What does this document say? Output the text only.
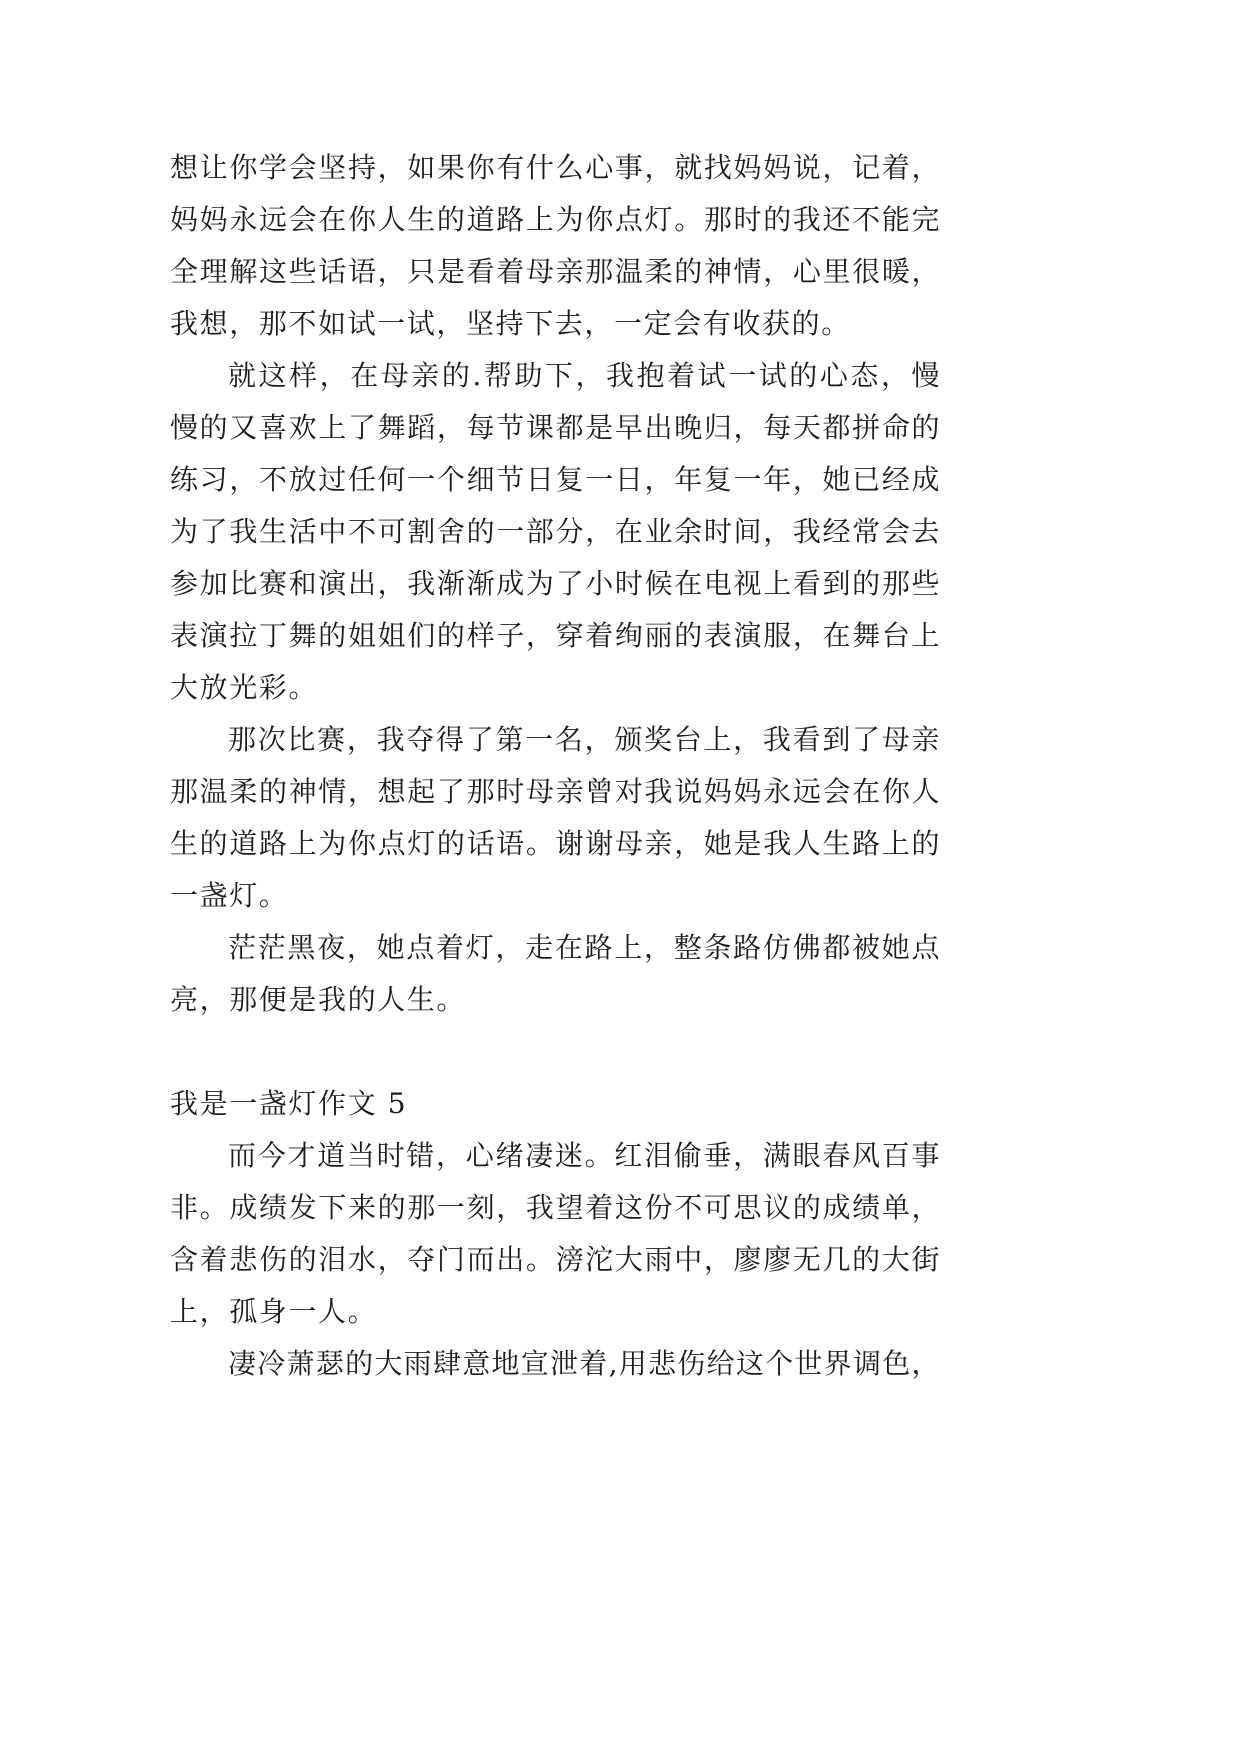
想让你学会坚持，如果你有什么心事，就找妈妈说，记着，
妈妈永远会在你人生的道路上为你点灯。那时的我还不能完
全理解这些话语，只是看着母亲那温柔的神情，心里很暖，
我想，那不如试一试，坚持下去，一定会有收获的。
就这样，在母亲的.帮助下，我抱着试一试的心态，慢
慢的又喜欢上了舞蹈，每节课都是早出晚归，每天都拼命的
练习，不放过任何一个细节日复一日，年复一年，她已经成
为了我生活中不可割舍的一部分，在业余时间，我经常会去
参加比赛和演出，我渐渐成为了小时候在电视上看到的那些
表演拉丁舞的姐姐们的样子，穿着绚丽的表演服，在舞台上
大放光彩。
那次比赛，我夺得了第一名，颁奖台上，我看到了母亲
那温柔的神情，想起了那时母亲曾对我说妈妈永远会在你人
生的道路上为你点灯的话语。谢谢母亲，她是我人生路上的
一盏灯。
茫茫黑夜，她点着灯，走在路上，整条路仿佛都被她点
亮，那便是我的人生。
我是一盏灯作文 5
而今才道当时错，心绪凄迷。红泪偷垂，满眼春风百事
非。成绩发下来的那一刻，我望着这份不可思议的成绩单，
含着悲伤的泪水，夺门而出。滂沱大雨中，廖廖无几的大街
上，孤身一人。
凄冷萧瑟的大雨肆意地宣泄着,用悲伤给这个世界调色，
